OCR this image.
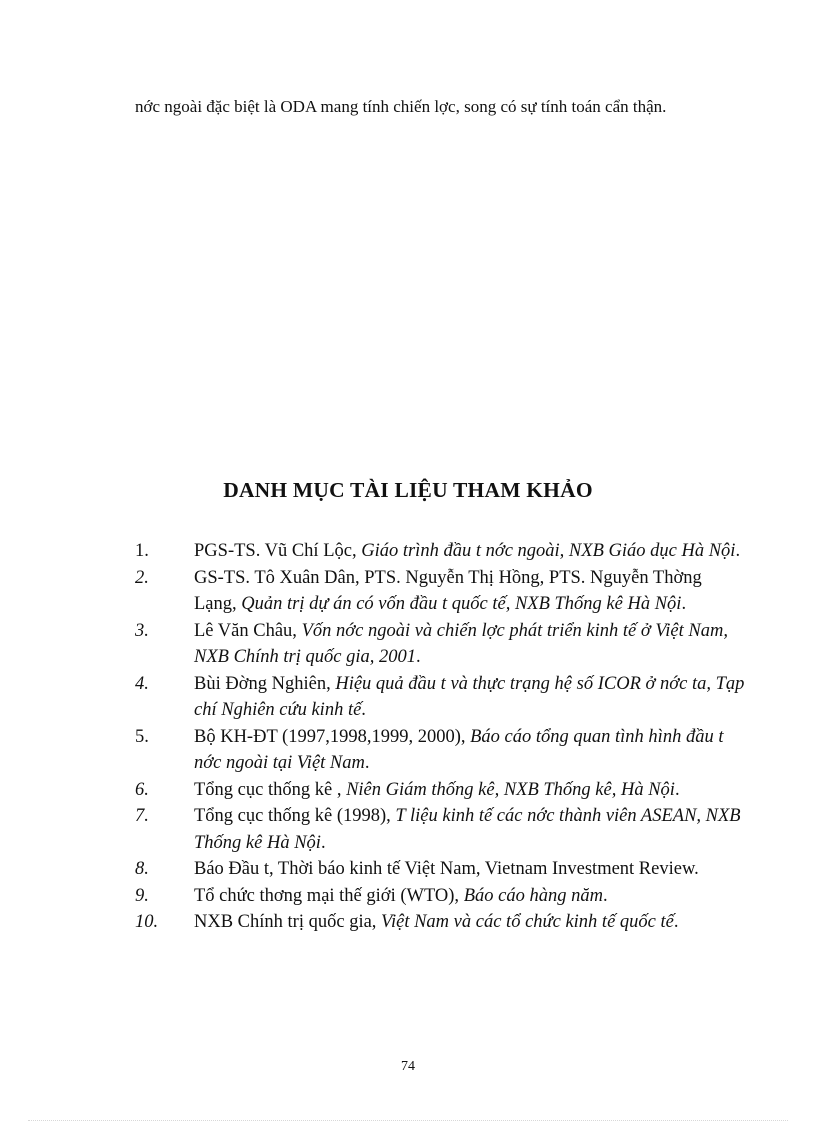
nớc ngoài đặc biệt là ODA mang tính chiến lợc, song có sự tính toán cẩn thận.

DANH MỤC TÀI LIỆU THAM KHẢO
1.	PGS-TS. Vũ Chí Lộc, Giáo trình đầu t nớc ngoài, NXB Giáo dục Hà Nội.
2.	GS-TS. Tô Xuân Dân, PTS. Nguyễn Thị Hồng, PTS. Nguyễn Thờng Lạng, Quản trị dự án có vốn đầu t quốc tế, NXB Thống kê Hà Nội.
3.	Lê Văn Châu, Vốn nớc ngoài và chiến lợc phát triển kinh tế ở Việt Nam, NXB Chính trị quốc gia, 2001.
4.	Bùi Đờng Nghiên, Hiệu quả đầu t và thực trạng hệ số ICOR ở nớc ta, Tạp chí Nghiên cứu kinh tế.
5.	Bộ KH-ĐT (1997,1998,1999, 2000), Báo cáo tổng quan tình hình đầu t nớc ngoài tại Việt Nam.
6.	Tổng cục thống kê , Niên Giám thống kê, NXB Thống kê, Hà Nội.
7.	Tổng cục thống kê (1998), T liệu kinh tế các nớc thành viên ASEAN, NXB Thống kê Hà Nội.
8.	Báo Đầu t, Thời báo kinh tế Việt Nam, Vietnam Investment Review.
9.	Tổ chức thơng mại thế giới (WTO), Báo cáo hàng năm.
10.	NXB Chính trị quốc gia, Việt Nam và các tổ chức kinh tế quốc tế.
74
